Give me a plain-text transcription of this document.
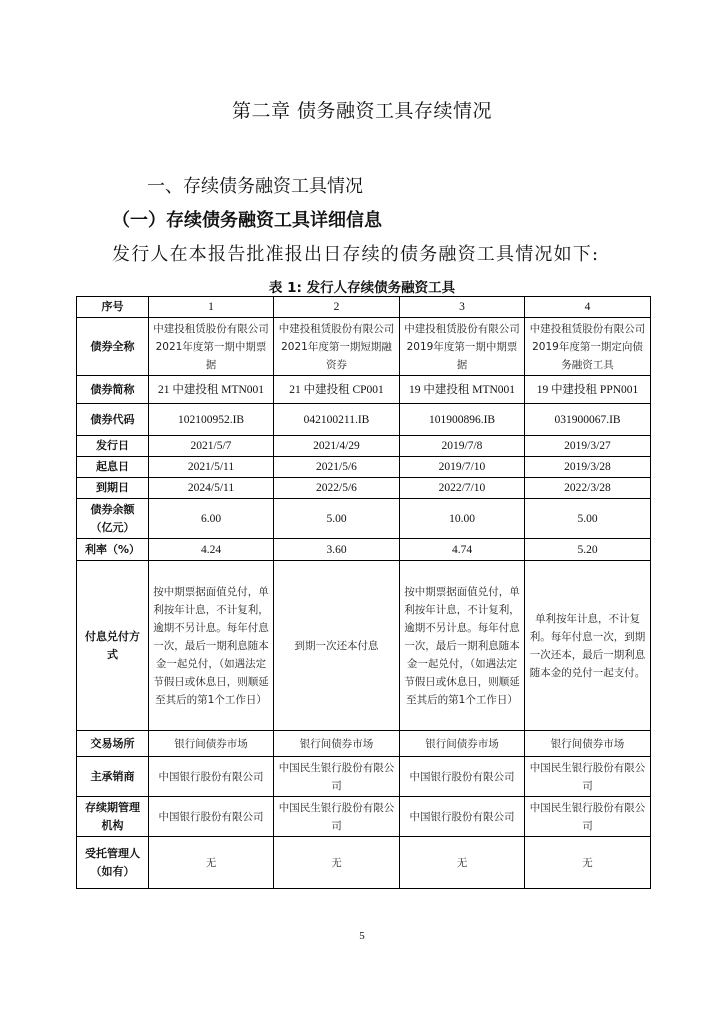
第二章 债务融资工具存续情况
一、存续债务融资工具情况
（一）存续债务融资工具详细信息
发行人在本报告批准报出日存续的债务融资工具情况如下:
表 1: 发行人存续债务融资工具
序号	1	2	3	4
债券全称	中建投租赁股份有限公司2021年度第一期中期票据	中建投租赁股份有限公司2021年度第一期短期融资券	中建投租赁股份有限公司2019年度第一期中期票据	中建投租赁股份有限公司2019年度第一期定向债务融资工具
债券简称	21 中建投租 MTN001	21 中建投租 CP001	19 中建投租 MTN001	19 中建投租 PPN001
债券代码	102100952.IB	042100211.IB	101900896.IB	031900067.IB
发行日	2021/5/7	2021/4/29	2019/7/8	2019/3/27
起息日	2021/5/11	2021/5/6	2019/7/10	2019/3/28
到期日	2024/5/11	2022/5/6	2022/7/10	2022/3/28
债券余额（亿元）	6.00	5.00	10.00	5.00
利率（%）	4.24	3.60	4.74	5.20
付息兑付方式	按中期票据面值兑付，单利按年计息，不计复利，逾期不另计息。每年付息一次，最后一期利息随本金一起兑付，（如遇法定节假日或休息日，则顺延至其后的第1个工作日）	到期一次还本付息	按中期票据面值兑付，单利按年计息，不计复利，逾期不另计息。每年付息一次，最后一期利息随本金一起兑付，（如遇法定节假日或休息日，则顺延至其后的第1个工作日）	单利按年计息，不计复利。每年付息一次，到期一次还本，最后一期利息随本金的兑付一起支付。
交易场所	银行间债券市场	银行间债券市场	银行间债券市场	银行间债券市场
主承销商	中国银行股份有限公司	中国民生银行股份有限公司	中国银行股份有限公司	中国民生银行股份有限公司
存续期管理机构	中国银行股份有限公司	中国民生银行股份有限公司	中国银行股份有限公司	中国民生银行股份有限公司
受托管理人（如有）	无	无	无	无
5
